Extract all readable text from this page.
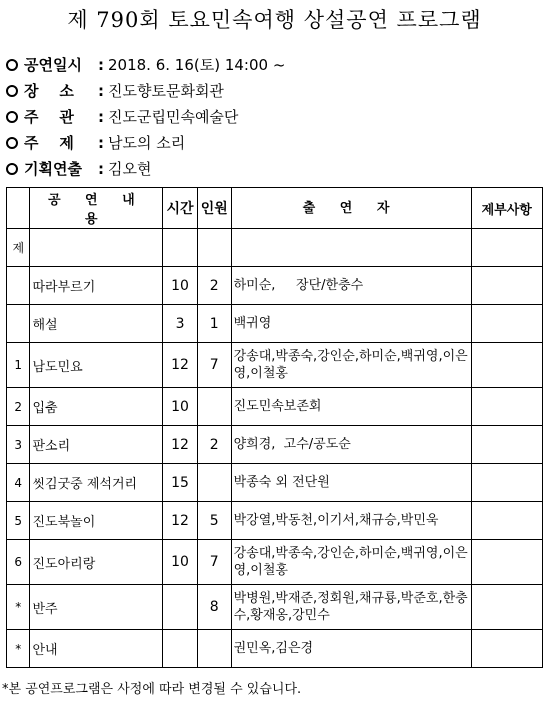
제 790회 토요민속여행 상설공연 프로그램
공연일시 : 2018. 6. 16(토) 14:00 ~
장    소 : 진도향토문화회관
주    관 : 진도군립민속예술단
주    제 : 남도의 소리
기획연출 : 김오현
	공 연 내 용	시간	인원	출 연 자	제부사항
제					
	따라부르기	10	2	하미순,     장단/한충수	
	해설	3	1	백귀영	
1	남도민요	12	7	강송대,박종숙,강인순,하미순,백귀영,이은영,이철홍	
2	입춤	10		진도민속보존회	
3	판소리	12	2	양희경,  고수/공도순	
4	씻김굿중 제석거리	15		박종숙 외 전단원	
5	진도북놀이	12	5	박강열,박동천,이기서,채규승,박민욱	
6	진도아리랑	10	7	강송대,박종숙,강인순,하미순,백귀영,이은영,이철홍	
*	반주		8	박병원,박재준,정회원,채규룡,박준호,한충수,황재옹,강민수	
*	안내			권민옥,김은경	
*본 공연프로그램은 사정에 따라 변경될 수 있습니다.
